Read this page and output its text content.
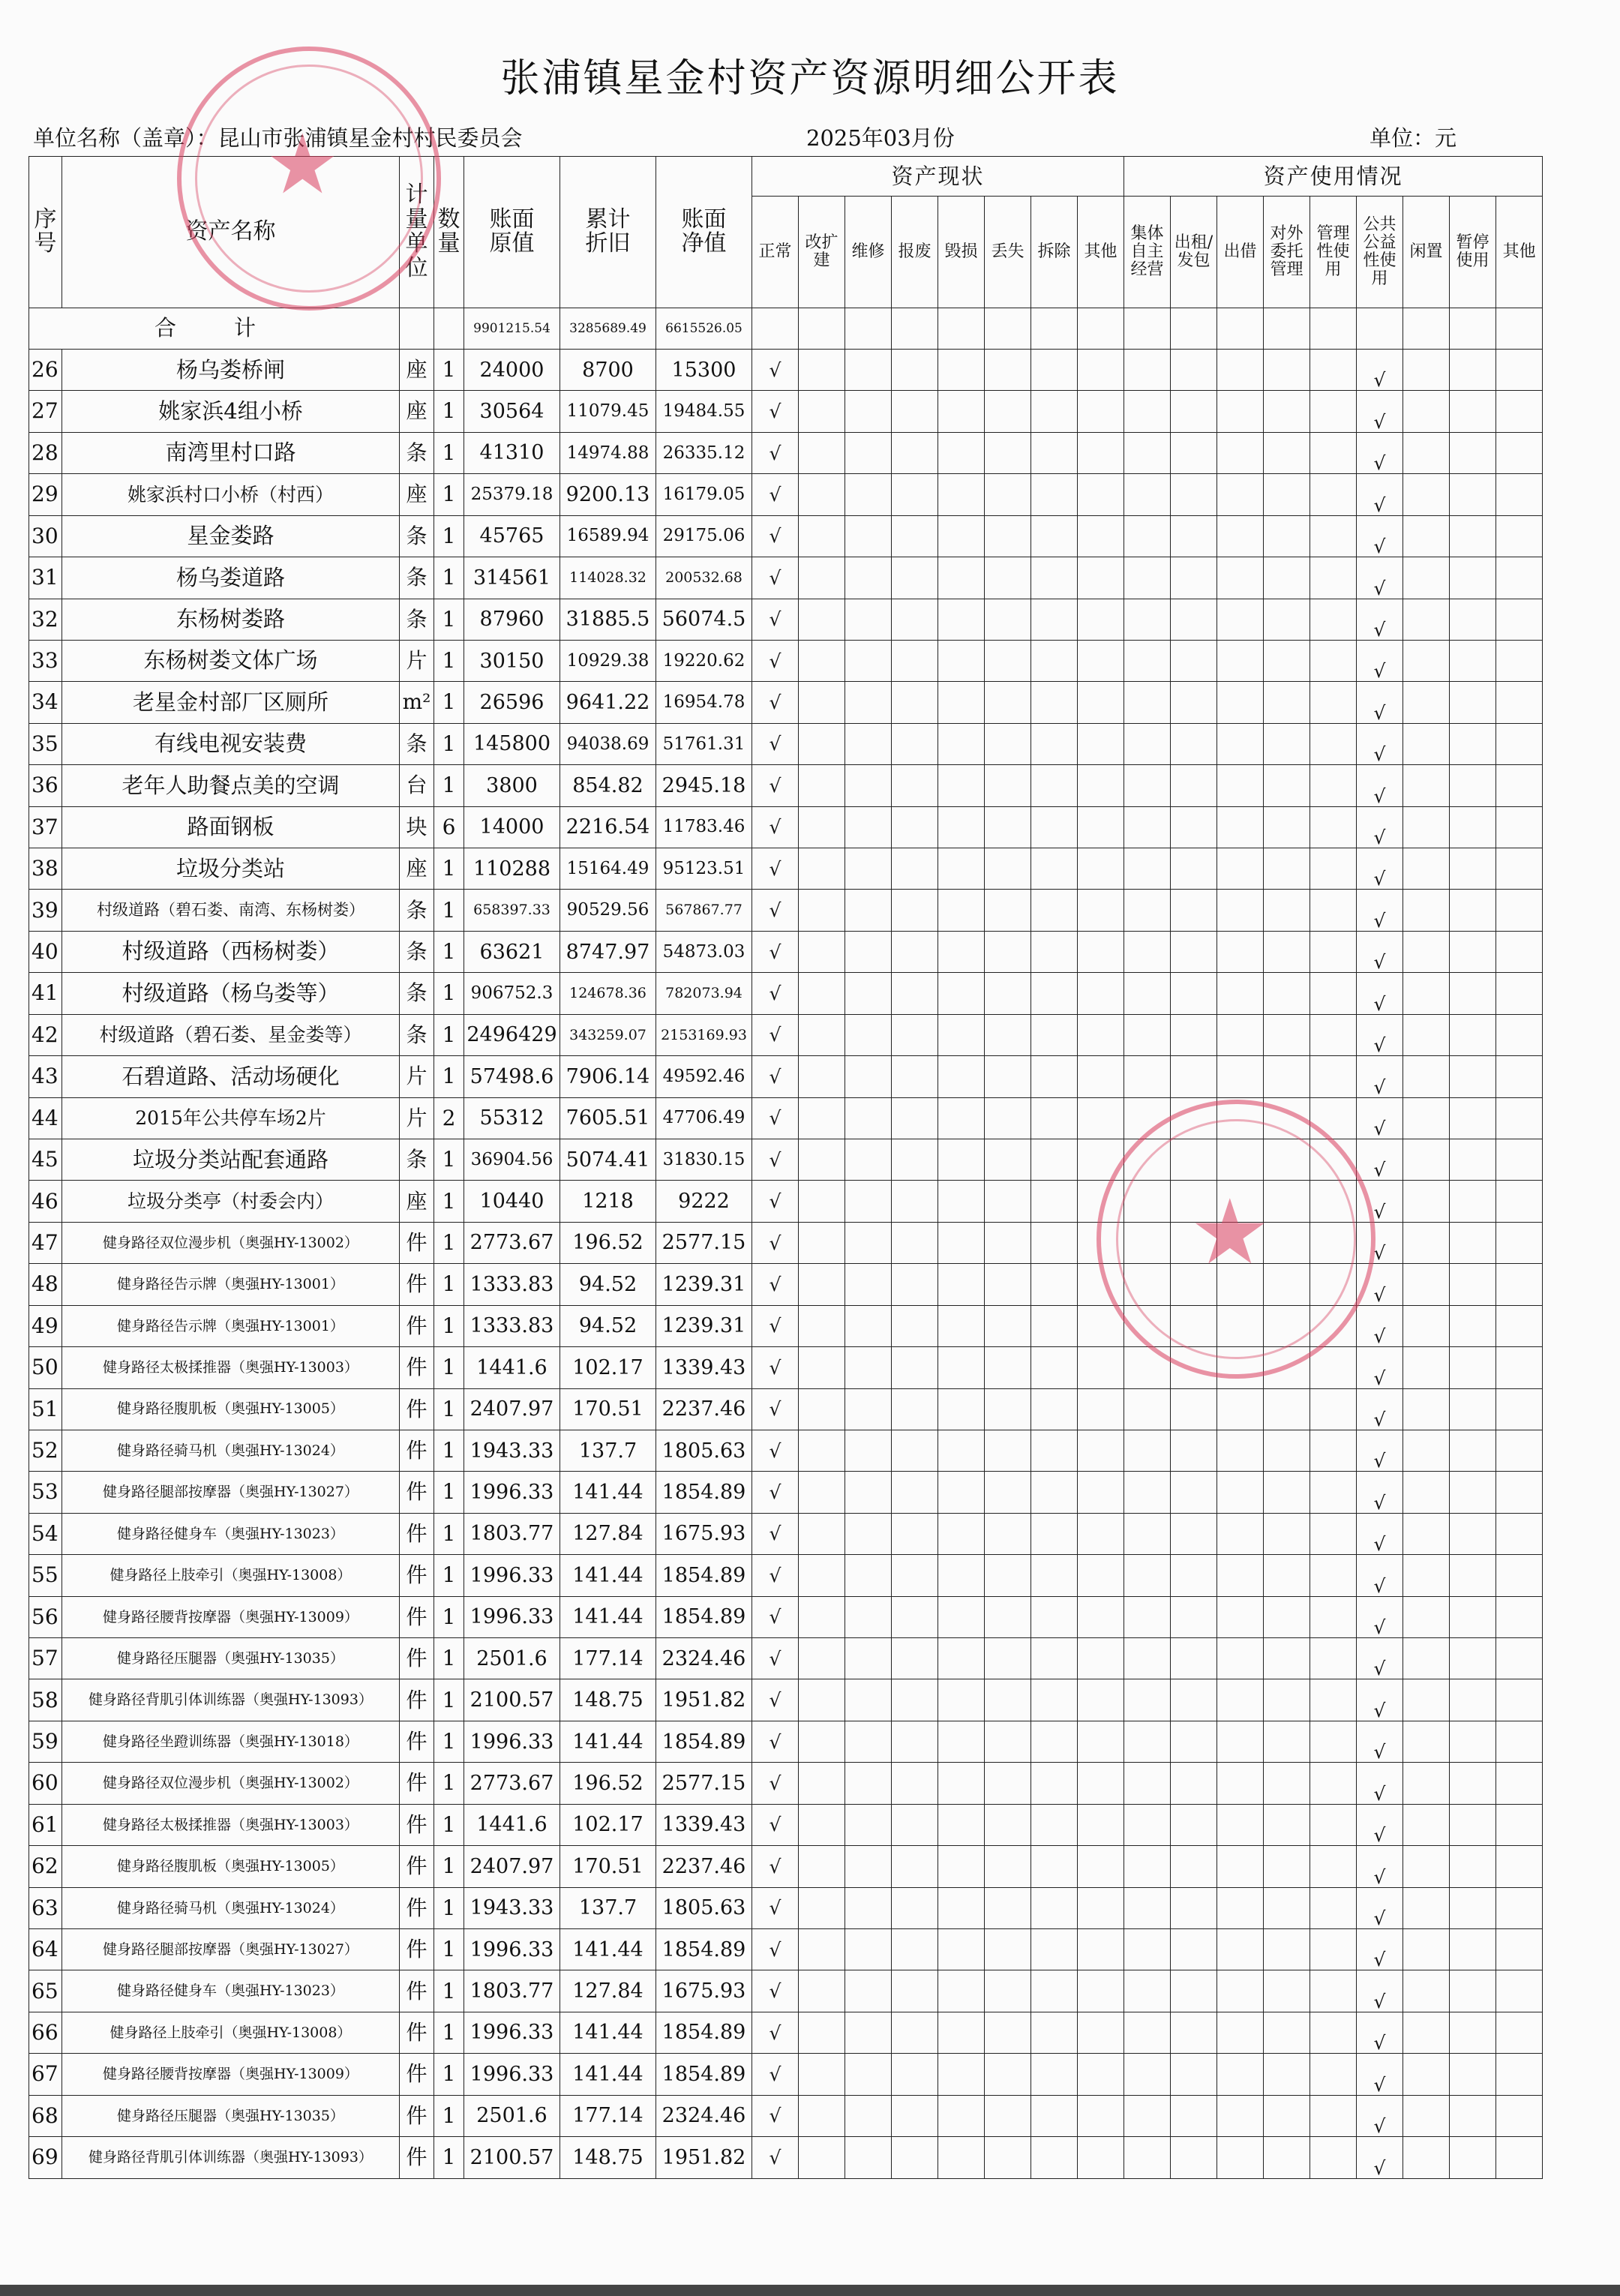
张浦镇星金村资产资源明细公开表
单位名称（盖章）：昆山市张浦镇星金村村民委员会	2025年03月份	单位：元
序号	资产名称	计量单位	数量	账面原值	累计折旧	账面净值	资产现状								资产使用情况								
							正常	改扩建	维修	报废	毁损	丢失	拆除	其他	集体自主经营	出租/发包	出借	对外委托管理	管理性使用	公共公益性使用	闲置	暂停使用	其他
合　计				9901215.54	3285689.49	6615526.05																	
26	杨乌娄桥闸	座	1	24000	8700	15300	√													√			
27	姚家浜4组小桥	座	1	30564	11079.45	19484.55	√													√			
28	南湾里村口路	条	1	41310	14974.88	26335.12	√													√			
29	姚家浜村口小桥（村西）	座	1	25379.18	9200.13	16179.05	√													√			
30	星金娄路	条	1	45765	16589.94	29175.06	√													√			
31	杨乌娄道路	条	1	314561	114028.32	200532.68	√													√			
32	东杨树娄路	条	1	87960	31885.5	56074.5	√													√			
33	东杨树娄文体广场	片	1	30150	10929.38	19220.62	√													√			
34	老星金村部厂区厕所	m²	1	26596	9641.22	16954.78	√													√			
35	有线电视安装费	条	1	145800	94038.69	51761.31	√													√			
36	老年人助餐点美的空调	台	1	3800	854.82	2945.18	√													√			
37	路面钢板	块	6	14000	2216.54	11783.46	√													√			
38	垃圾分类站	座	1	110288	15164.49	95123.51	√													√			
39	村级道路（碧石娄、南湾、东杨树娄）	条	1	658397.33	90529.56	567867.77	√													√			
40	村级道路（西杨树娄）	条	1	63621	8747.97	54873.03	√													√			
41	村级道路（杨乌娄等）	条	1	906752.3	124678.36	782073.94	√													√			
42	村级道路（碧石娄、星金娄等）	条	1	2496429	343259.07	2153169.93	√													√			
43	石碧道路、活动场硬化	片	1	57498.6	7906.14	49592.46	√													√			
44	2015年公共停车场2片	片	2	55312	7605.51	47706.49	√													√			
45	垃圾分类站配套通路	条	1	36904.56	5074.41	31830.15	√													√			
46	垃圾分类亭（村委会内）	座	1	10440	1218	9222	√													√			
47	健身路径双位漫步机（奥强HY-13002）	件	1	2773.67	196.52	2577.15	√													√			
48	健身路径告示牌（奥强HY-13001）	件	1	1333.83	94.52	1239.31	√													√			
49	健身路径告示牌（奥强HY-13001）	件	1	1333.83	94.52	1239.31	√													√			
50	健身路径太极揉推器（奥强HY-13003）	件	1	1441.6	102.17	1339.43	√													√			
51	健身路径腹肌板（奥强HY-13005）	件	1	2407.97	170.51	2237.46	√													√			
52	健身路径骑马机（奥强HY-13024）	件	1	1943.33	137.7	1805.63	√													√			
53	健身路径腿部按摩器（奥强HY-13027）	件	1	1996.33	141.44	1854.89	√													√			
54	健身路径健身车（奥强HY-13023）	件	1	1803.77	127.84	1675.93	√													√			
55	健身路径上肢牵引（奥强HY-13008）	件	1	1996.33	141.44	1854.89	√													√			
56	健身路径腰背按摩器（奥强HY-13009）	件	1	1996.33	141.44	1854.89	√													√			
57	健身路径压腿器（奥强HY-13035）	件	1	2501.6	177.14	2324.46	√													√			
58	健身路径背肌引体训练器（奥强HY-13093）	件	1	2100.57	148.75	1951.82	√													√			
59	健身路径坐蹬训练器（奥强HY-13018）	件	1	1996.33	141.44	1854.89	√													√			
60	健身路径双位漫步机（奥强HY-13002）	件	1	2773.67	196.52	2577.15	√													√			
61	健身路径太极揉推器（奥强HY-13003）	件	1	1441.6	102.17	1339.43	√													√			
62	健身路径腹肌板（奥强HY-13005）	件	1	2407.97	170.51	2237.46	√													√			
63	健身路径骑马机（奥强HY-13024）	件	1	1943.33	137.7	1805.63	√													√			
64	健身路径腿部按摩器（奥强HY-13027）	件	1	1996.33	141.44	1854.89	√													√			
65	健身路径健身车（奥强HY-13023）	件	1	1803.77	127.84	1675.93	√													√			
66	健身路径上肢牵引（奥强HY-13008）	件	1	1996.33	141.44	1854.89	√													√			
67	健身路径腰背按摩器（奥强HY-13009）	件	1	1996.33	141.44	1854.89	√													√			
68	健身路径压腿器（奥强HY-13035）	件	1	2501.6	177.14	2324.46	√													√			
69	健身路径背肌引体训练器（奥强HY-13093）	件	1	2100.57	148.75	1951.82	√													√			
★
★
